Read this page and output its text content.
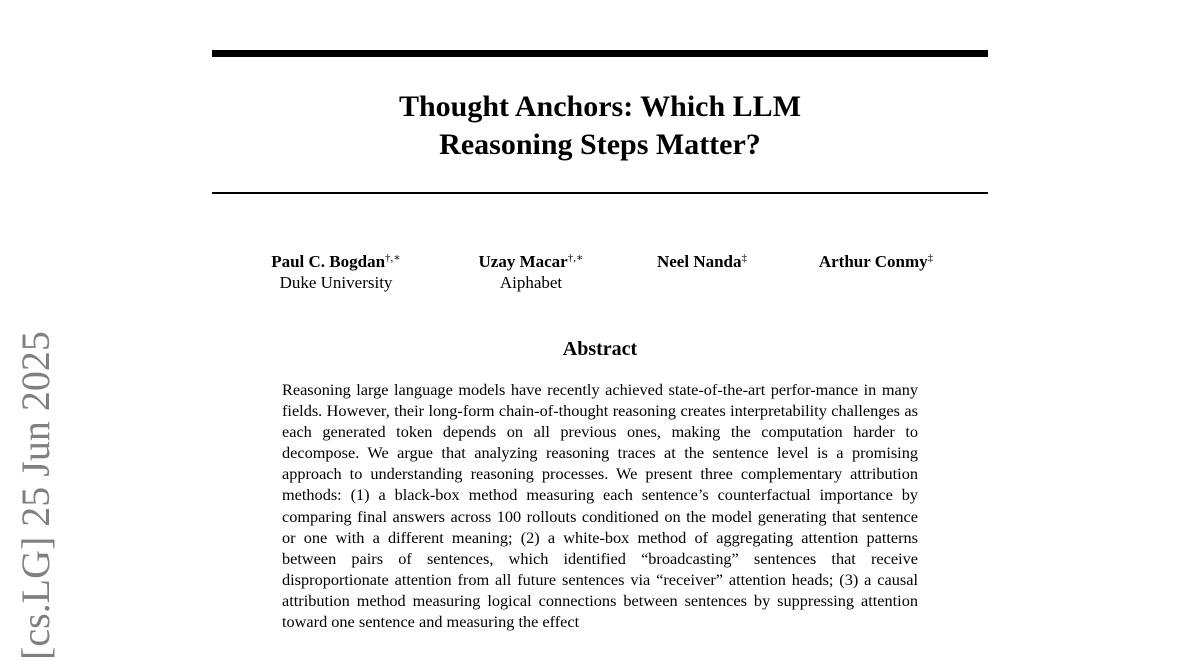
Thought Anchors: Which LLM
Reasoning Steps Matter?
Paul C. Bogdan†,∗
Duke University
Uzay Macar†,∗
Aiphabet
Neel Nanda‡	Arthur Conmy‡
Abstract
Reasoning large language models have recently achieved state-of-the-art perfor-mance in many fields. However, their long-form chain-of-thought reasoning creates interpretability challenges as each generated token depends on all previous ones, making the computation harder to decompose. We argue that analyzing reasoning traces at the sentence level is a promising approach to understanding reasoning processes. We present three complementary attribution methods: (1) a black-box method measuring each sentence’s counterfactual importance by comparing final answers across 100 rollouts conditioned on the model generating that sentence or one with a different meaning; (2) a white-box method of aggregating attention patterns between pairs of sentences, which identified “broadcasting” sentences that receive disproportionate attention from all future sentences via “receiver” attention heads; (3) a causal attribution method measuring logical connections between sentences by suppressing attention toward one sentence and measuring the effect
[cs.LG] 25 Jun 2025
